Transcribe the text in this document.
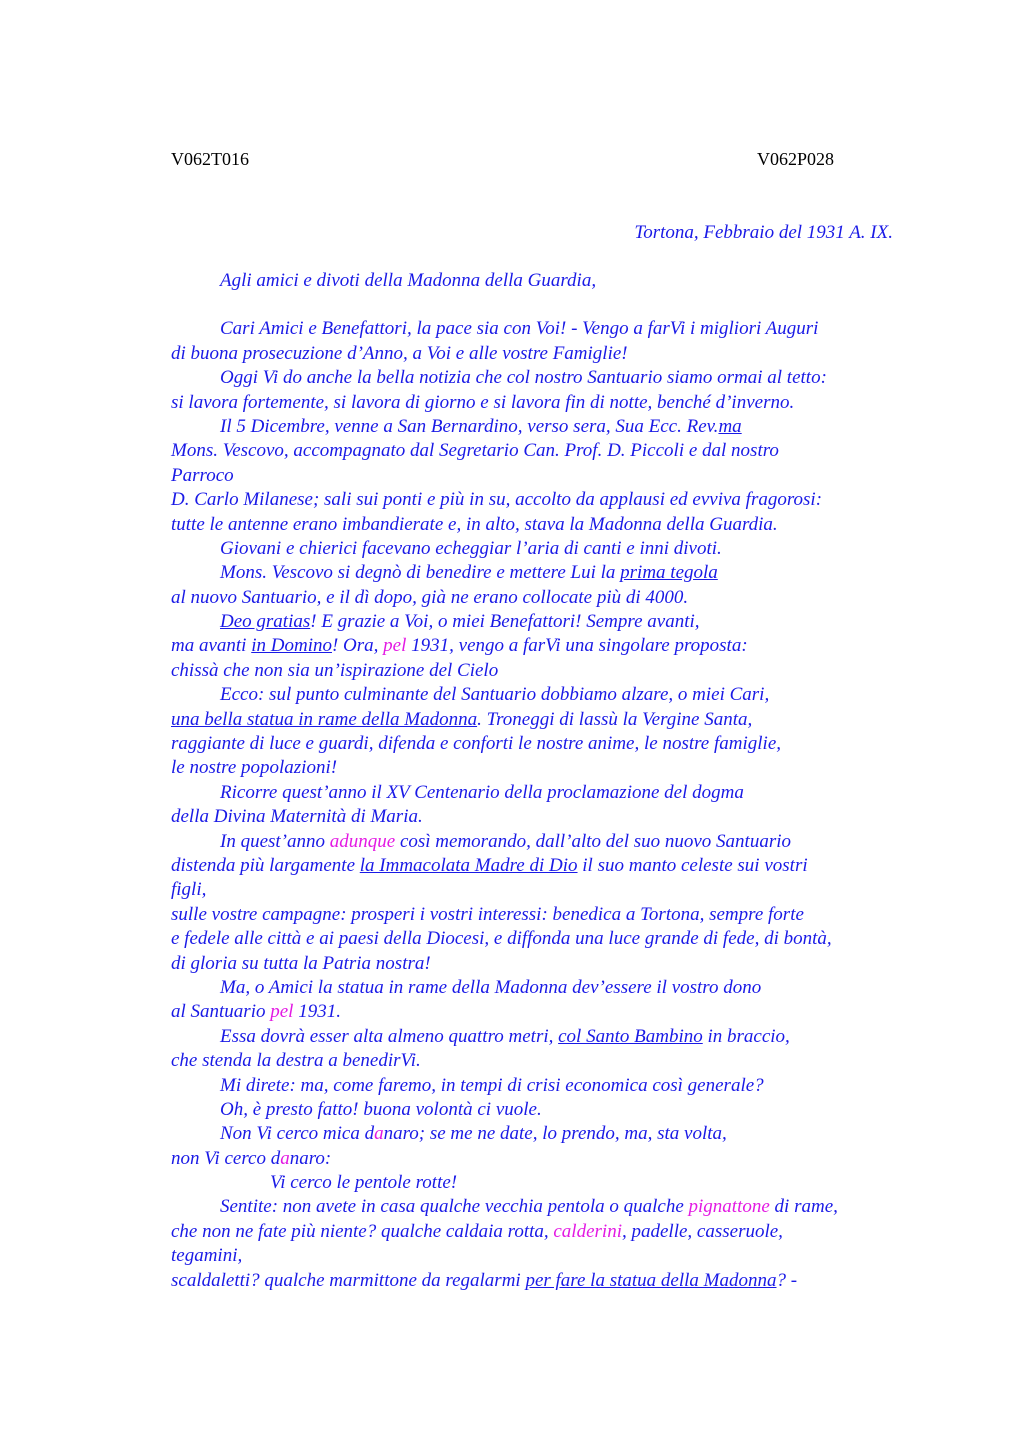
V062T016	V062P028
Tortona, Febbraio del 1931 A. IX.
Agli amici e divoti della Madonna della Guardia,
Cari Amici e Benefattori, la pace sia con Voi! - Vengo a farVi i migliori Auguri
di buona prosecuzione d’Anno, a Voi e alle vostre Famiglie!
Oggi Vi do anche la bella notizia che col nostro Santuario siamo ormai al tetto:
si lavora fortemente, si lavora di giorno e si lavora fin di notte, benché d’inverno.
Il 5 Dicembre, venne a San Bernardino, verso sera, Sua Ecc. Rev.ma
Mons. Vescovo, accompagnato dal Segretario Can. Prof. D. Piccoli e dal nostro
Parroco
D. Carlo Milanese; sali sui ponti e più in su, accolto da applausi ed evviva fragorosi:
tutte le antenne erano imbandierate e, in alto, stava la Madonna della Guardia.
Giovani e chierici facevano echeggiar l’aria di canti e inni divoti.
Mons. Vescovo si degnò di benedire e mettere Lui la prima tegola
al nuovo Santuario, e il dì dopo, già ne erano collocate più di 4000.
Deo gratias! E grazie a Voi, o miei Benefattori! Sempre avanti,
ma avanti in Domino! Ora, pel 1931, vengo a farVi una singolare proposta:
chissà che non sia un’ispirazione del Cielo
Ecco: sul punto culminante del Santuario dobbiamo alzare, o miei Cari,
una bella statua in rame della Madonna. Troneggi di lassù la Vergine Santa,
raggiante di luce e guardi, difenda e conforti le nostre anime, le nostre famiglie,
le nostre popolazioni!
Ricorre quest’anno il XV Centenario della proclamazione del dogma
della Divina Maternità di Maria.
In quest’anno adunque così memorando, dall’alto del suo nuovo Santuario
distenda più largamente la Immacolata Madre di Dio il suo manto celeste sui vostri
figli,
sulle vostre campagne: prosperi i vostri interessi: benedica a Tortona, sempre forte
e fedele alle città e ai paesi della Diocesi, e diffonda una luce grande di fede, di bontà,
di gloria su tutta la Patria nostra!
Ma, o Amici la statua in rame della Madonna dev’essere il vostro dono
al Santuario pel 1931.
Essa dovrà esser alta almeno quattro metri, col Santo Bambino in braccio,
che stenda la destra a benedirVi.
Mi direte: ma, come faremo, in tempi di crisi economica così generale?
Oh, è presto fatto! buona volontà ci vuole.
Non Vi cerco mica danaro; se me ne date, lo prendo, ma, sta volta,
non Vi cerco danaro:
Vi cerco le pentole rotte!
Sentite: non avete in casa qualche vecchia pentola o qualche pignattone di rame,
che non ne fate più niente? qualche caldaia rotta, calderini, padelle, casseruole,
tegamini,
scaldaletti? qualche marmittone da regalarmi per fare la statua della Madonna? -
